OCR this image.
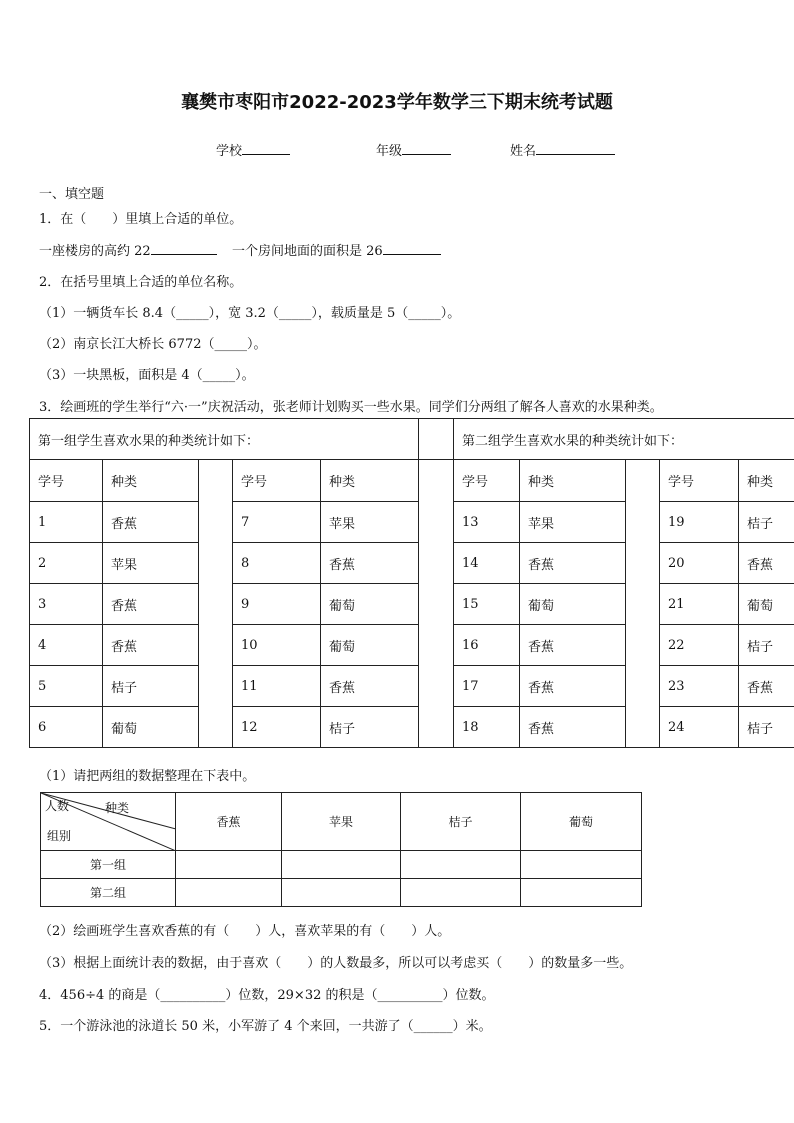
襄樊市枣阳市2022-2023学年数学三下期末统考试题
学校	年级	姓名
一、填空题
1．在（　　）里填上合适的单位。
一座楼房的高约 22	一个房间地面的面积是 26
2．在括号里填上合适的单位名称。
（1）一辆货车长 8.4（_____），宽 3.2（_____），载质量是 5（_____）。
（2）南京长江大桥长 6772（_____）。
（3）一块黑板，面积是 4（_____）。
3．绘画班的学生举行“六·一”庆祝活动，张老师计划购买一些水果。同学们分两组了解各人喜欢的水果种类。
第一组学生喜欢水果的种类统计如下：						第二组学生喜欢水果的种类统计如下：				
学号	种类		学号	种类		学号	种类		学号	种类
1	香蕉		7	苹果		13	苹果		19	桔子
2	苹果		8	香蕉		14	香蕉		20	香蕉
3	香蕉		9	葡萄		15	葡萄		21	葡萄
4	香蕉		10	葡萄		16	香蕉		22	桔子
5	桔子		11	香蕉		17	香蕉		23	香蕉
6	葡萄		12	桔子		18	香蕉		24	桔子
（1）请把两组的数据整理在下表中。
人数 种类
组别	香蕉	苹果	桔子	葡萄
第一组				
第二组				
（2）绘画班学生喜欢香蕉的有（　　）人，喜欢苹果的有（　　）人。
（3）根据上面统计表的数据，由于喜欢（　　）的人数最多，所以可以考虑买（　　）的数量多一些。
4．456÷4 的商是（__________）位数，29×32 的积是（__________）位数。
5．一个游泳池的泳道长 50 米，小军游了 4 个来回，一共游了（______）米。
